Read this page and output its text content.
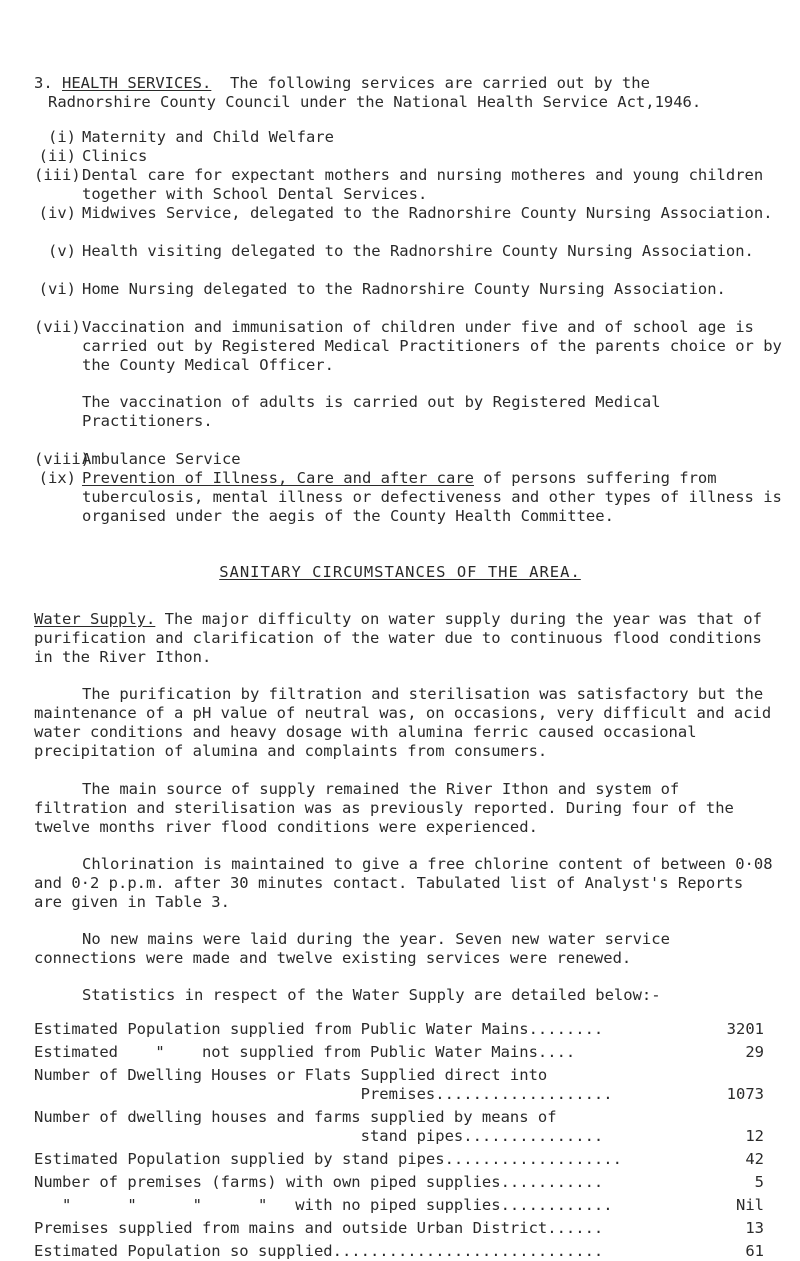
3. HEALTH SERVICES. The following services are carried out by the
Radnorshire County Council under the National Health Service Act,1946.
(i) Maternity and Child Welfare
(ii) Clinics
(iii) Dental care for expectant mothers and nursing motheres and young children together with School Dental Services.
(iv) Midwives Service, delegated to the Radnorshire County Nursing Association.
(v) Health visiting delegated to the Radnorshire County Nursing Association.
(vi) Home Nursing delegated to the Radnorshire County Nursing Association.
(vii) Vaccination and immunisation of children under five and of school age is carried out by Registered Medical Practitioners of the parents choice or by the County Medical Officer.
The vaccination of adults is carried out by Registered Medical Practitioners.
(viii)
Ambulance Service
(ix) Prevention of Illness, Care and after care of persons suffering from tuberculosis, mental illness or defectiveness and other types of illness is organised under the aegis of the County Health Committee.
SANITARY CIRCUMSTANCES OF THE AREA.
Water Supply. The major difficulty on water supply during the year was that of purification and clarification of the water due to continuous flood conditions in the River Ithon.
The purification by filtration and sterilisation was satisfactory but the maintenance of a pH value of neutral was, on occasions, very difficult and acid water conditions and heavy dosage with alumina ferric caused occasional precipitation of alumina and complaints from consumers.
The main source of supply remained the River Ithon and system of filtration and sterilisation was as previously reported. During four of the twelve months river flood conditions were experienced.
Chlorination is maintained to give a free chlorine content of between 0·08 and 0·2 p.p.m. after 30 minutes contact. Tabulated list of Analyst's Reports are given in Table 3.
No new mains were laid during the year. Seven new water service connections were made and twelve existing services were renewed.
Statistics in respect of the Water Supply are detailed below:-
Estimated Population supplied from Public Water Mains........	3201
Estimated    "    not supplied from Public Water Mains....	29
Number of Dwelling Houses or Flats Supplied direct into
Premises...................	1073
Number of dwelling houses and farms supplied by means of
stand pipes...............	12
Estimated Population supplied by stand pipes...................	42
Number of premises (farms) with own piped supplies...........	5
"      "      "      "   with no piped supplies............	Nil
Premises supplied from mains and outside Urban District......	13
Estimated Population so supplied.............................	61
